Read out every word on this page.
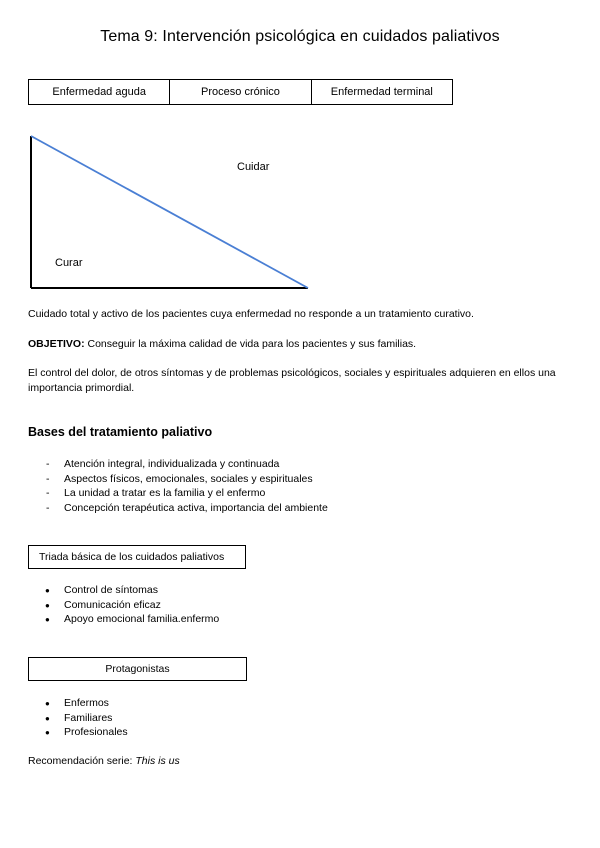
Tema 9: Intervención psicológica en cuidados paliativos
Enfermedad aguda	Proceso crónico	Enfermedad terminal
Cuidar
Curar
Cuidado total y activo de los pacientes cuya enfermedad no responde a un tratamiento curativo.
OBJETIVO: Conseguir la máxima calidad de vida para los pacientes y sus familias.
El control del dolor, de otros síntomas y de problemas psicológicos, sociales y espirituales adquieren en ellos una importancia primordial.
Bases del tratamiento paliativo
- Atención integral, individualizada y continuada
- Aspectos físicos, emocionales, sociales y espirituales
- La unidad a tratar es la familia y el enfermo
- Concepción terapéutica activa, importancia del ambiente
Triada básica de los cuidados paliativos
● Control de síntomas
● Comunicación eficaz
● Apoyo emocional familia.enfermo
Protagonistas
● Enfermos
● Familiares
● Profesionales
Recomendación serie: This is us
